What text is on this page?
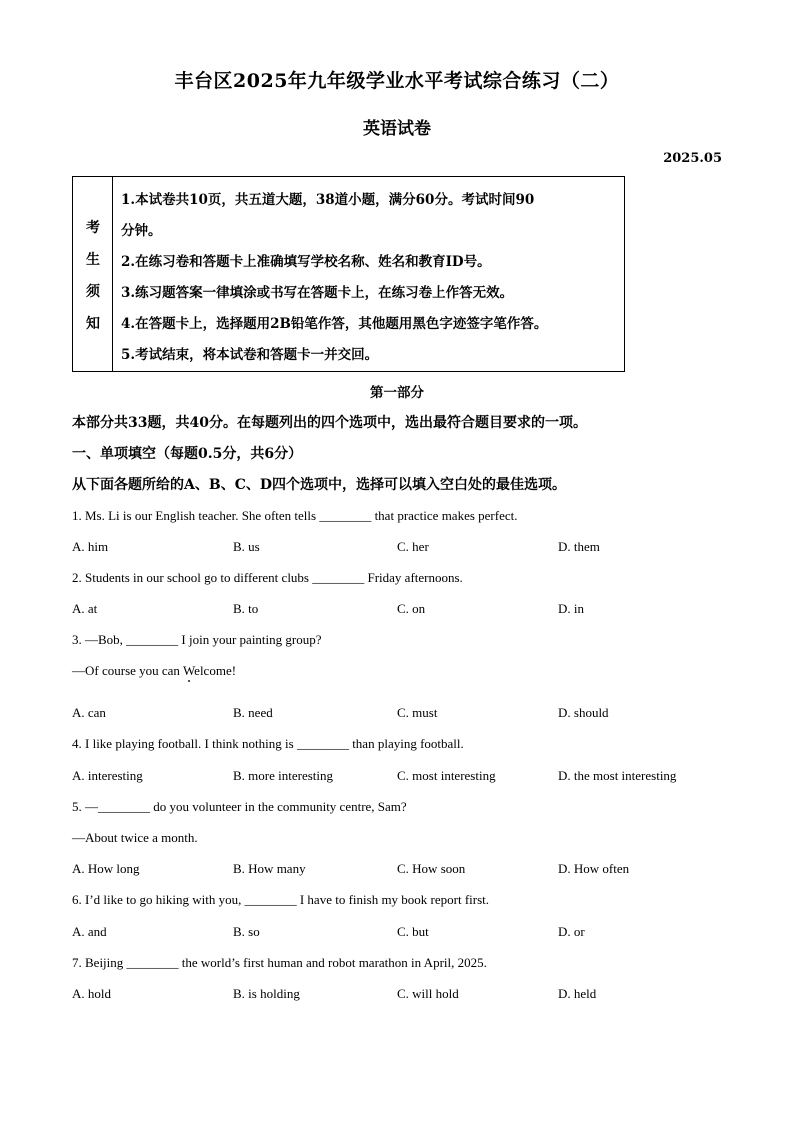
丰台区2025年九年级学业水平考试综合练习（二）
英语试卷
2025.05
考
生
须
知
1.本试卷共10页，共五道大题，38道小题，满分60分。考试时间90
分钟。
2.在练习卷和答题卡上准确填写学校名称、姓名和教育ID号。
3.练习题答案一律填涂或书写在答题卡上，在练习卷上作答无效。
4.在答题卡上，选择题用2B铅笔作答，其他题用黑色字迹签字笔作答。
5.考试结束，将本试卷和答题卡一并交回。
第一部分
本部分共33题，共40分。在每题列出的四个选项中，选出最符合题目要求的一项。
一、单项填空（每题0.5分，共6分）
从下面各题所给的A、B、C、D四个选项中，选择可以填入空白处的最佳选项。
1. Ms. Li is our English teacher. She often tells ________ that practice makes perfect.
A. him	B. us	C. her	D. them
2. Students in our school go to different clubs ________ Friday afternoons.
A. at	B. to	C. on	D. in
3. —Bob, ________ I join your painting group?
—Of course you can Welcome!
A. can	B. need	C. must	D. should
4. I like playing football. I think nothing is ________ than playing football.
A. interesting	B. more interesting	C. most interesting	D. the most interesting
5. —________ do you volunteer in the community centre, Sam?
—About twice a month.
A. How long	B. How many	C. How soon	D. How often
6. I’d like to go hiking with you, ________ I have to finish my book report first.
A. and	B. so	C. but	D. or
7. Beijing ________ the world’s first human and robot marathon in April, 2025.
A. hold	B. is holding	C. will hold	D. held
